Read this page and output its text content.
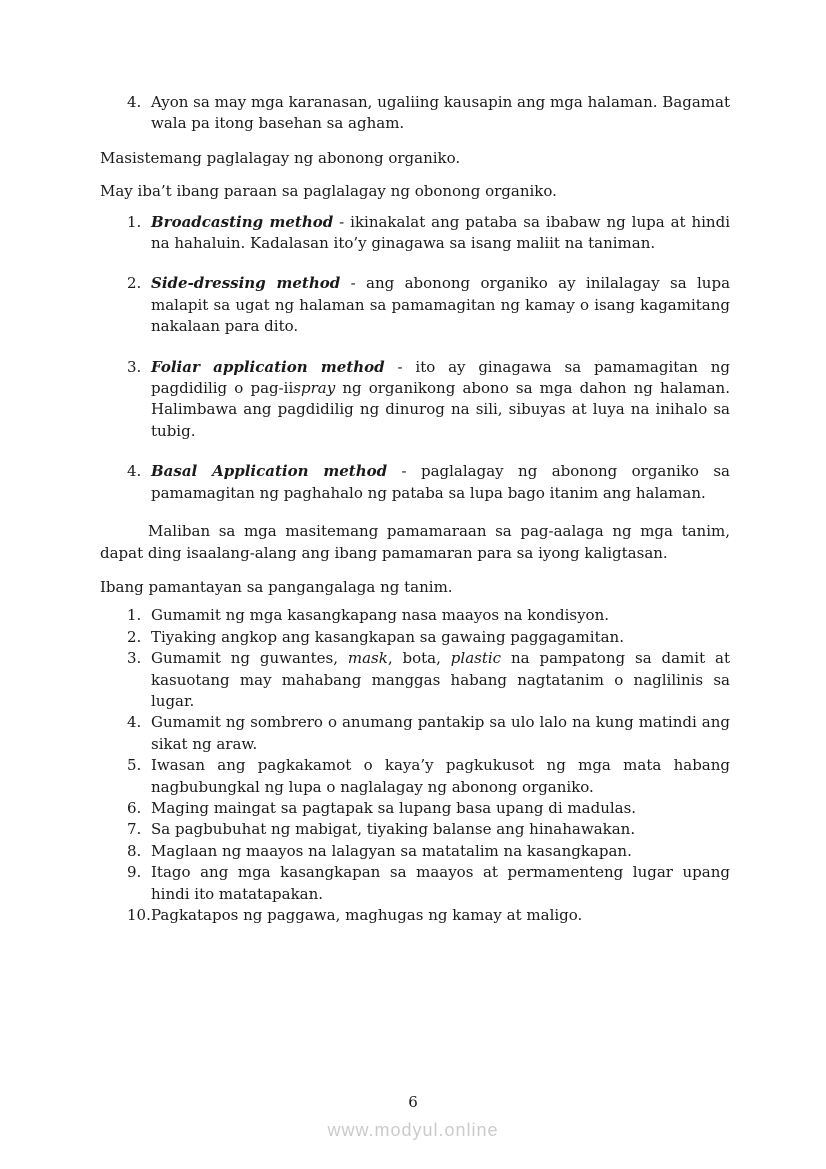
4. Ayon sa may mga karanasan, ugaliing kausapin ang mga halaman. Bagamat wala pa itong basehan sa agham.

Masistemang paglalagay ng abonong organiko.

May iba’t ibang paraan sa paglalagay ng obonong organiko.

1. Broadcasting method - ikinakalat ang pataba sa ibabaw ng lupa at hindi na hahaluin. Kadalasan ito’y ginagawa sa isang maliit na taniman.
2. Side-dressing method - ang abonong organiko ay inilalagay sa lupa malapit sa ugat ng halaman sa pamamagitan ng kamay o isang kagamitang nakalaan para dito.
3. Foliar application method - ito ay ginagawa sa pamamagitan ng pagdidilig o pag-iispray ng organikong abono sa mga dahon ng halaman. Halimbawa ang pagdidilig ng dinurog na sili, sibuyas at luya na inihalo sa tubig.
4. Basal Application method - paglalagay ng abonong organiko sa pamamagitan ng paghahalo ng pataba sa lupa bago itanim ang halaman.

Maliban sa mga masitemang pamamaraan sa pag-aalaga ng mga tanim, dapat ding isaalang-alang ang ibang pamamaran para sa iyong kaligtasan.

Ibang pamantayan sa pangangalaga ng tanim.

1. Gumamit ng mga kasangkapang nasa maayos na kondisyon.
2. Tiyaking angkop ang kasangkapan sa gawaing paggagamitan.
3. Gumamit ng guwantes, mask, bota, plastic na pampatong sa damit at kasuotang may mahabang manggas habang nagtatanim o naglilinis sa lugar.
4. Gumamit ng sombrero o anumang pantakip sa ulo lalo na kung matindi ang sikat ng araw.
5. Iwasan ang pagkakamot o kaya’y pagkukusot ng mga mata habang nagbubungkal ng lupa o naglalagay ng abonong organiko.
6. Maging maingat sa pagtapak sa lupang basa upang di madulas.
7. Sa pagbubuhat ng mabigat, tiyaking balanse ang hinahawakan.
8. Maglaan ng maayos na lalagyan sa matatalim na kasangkapan.
9. Itago ang mga kasangkapan sa maayos at permamenteng lugar upang hindi ito matatapakan.
10. Pagkatapos ng paggawa, maghugas ng kamay at maligo.
6
www.modyul.online
